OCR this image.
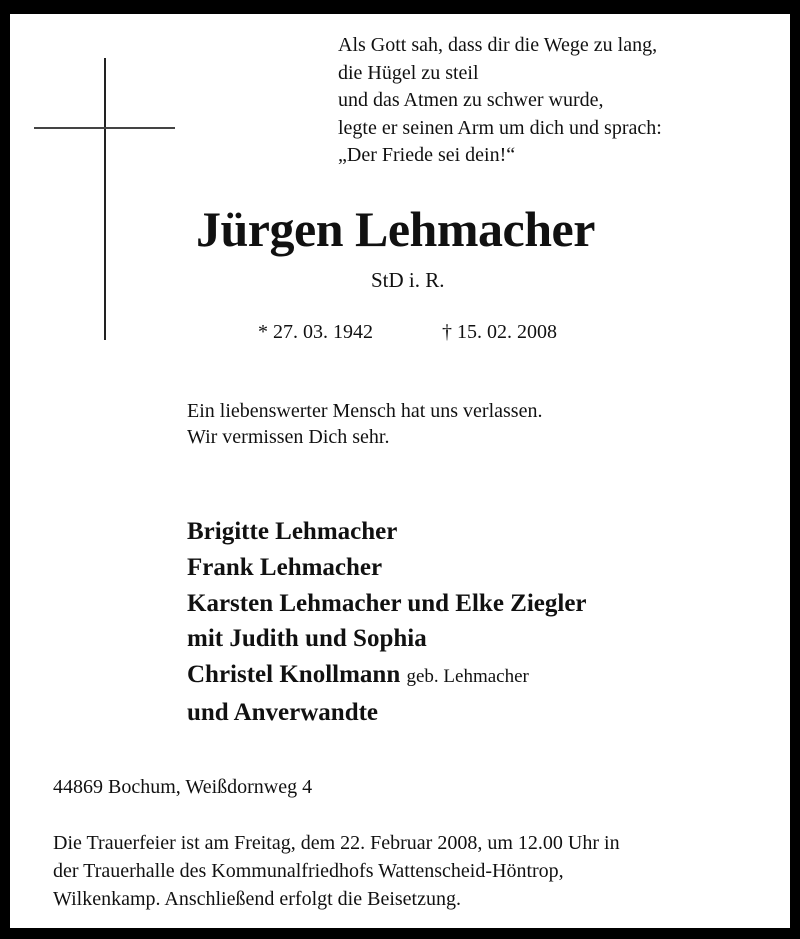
Als Gott sah, dass dir die Wege zu lang,
die Hügel zu steil
und das Atmen zu schwer wurde,
legte er seinen Arm um dich und sprach:
„Der Friede sei dein!“
Jürgen Lehmacher
StD i. R.
* 27. 03. 1942	† 15. 02. 2008
Ein liebenswerter Mensch hat uns verlassen.
Wir vermissen Dich sehr.
Brigitte Lehmacher
Frank Lehmacher
Karsten Lehmacher und Elke Ziegler
mit Judith und Sophia
Christel Knollmann geb. Lehmacher
und Anverwandte
44869 Bochum, Weißdornweg 4
Die Trauerfeier ist am Freitag, dem 22. Februar 2008, um 12.00 Uhr in
der Trauerhalle des Kommunalfriedhofs Wattenscheid-Höntrop,
Wilkenkamp. Anschließend erfolgt die Beisetzung.
